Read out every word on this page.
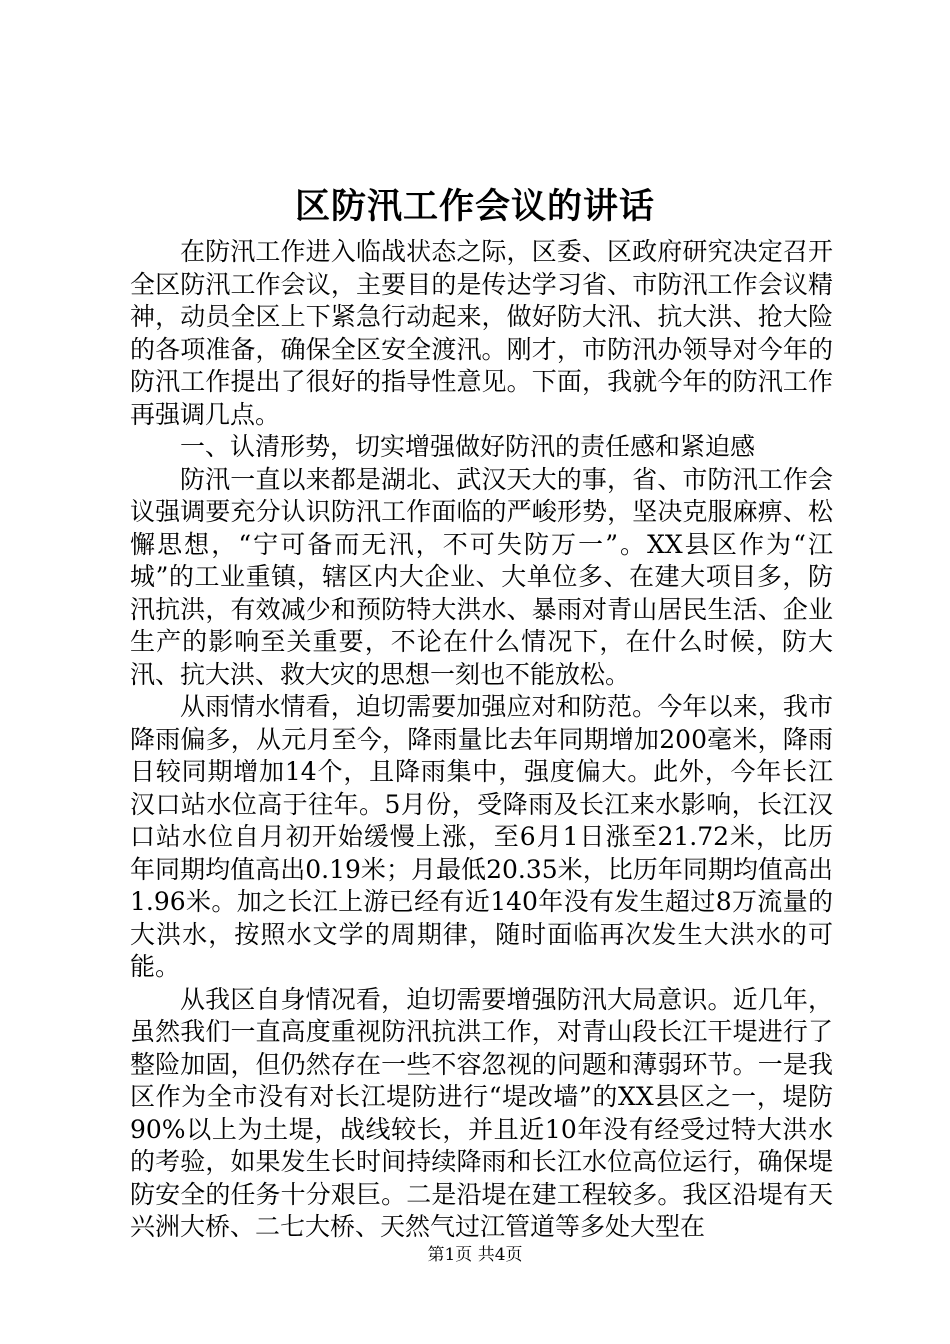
区防汛工作会议的讲话

在防汛工作进入临战状态之际，区委、区政府研究决定召开全区防汛工作会议，主要目的是传达学习省、市防汛工作会议精神，动员全区上下紧急行动起来，做好防大汛、抗大洪、抢大险的各项准备，确保全区安全渡汛。刚才，市防汛办领导对今年的防汛工作提出了很好的指导性意见。下面，我就今年的防汛工作再强调几点。

一、认清形势，切实增强做好防汛的责任感和紧迫感

防汛一直以来都是湖北、武汉天大的事，省、市防汛工作会议强调要充分认识防汛工作面临的严峻形势，坚决克服麻痹、松懈思想，“宁可备而无汛，不可失防万一”。XX县区作为“江城”的工业重镇，辖区内大企业、大单位多、在建大项目多，防汛抗洪，有效减少和预防特大洪水、暴雨对青山居民生活、企业生产的影响至关重要，不论在什么情况下，在什么时候，防大汛、抗大洪、救大灾的思想一刻也不能放松。

从雨情水情看，迫切需要加强应对和防范。今年以来，我市降雨偏多，从元月至今，降雨量比去年同期增加200毫米，降雨日较同期增加14个，且降雨集中，强度偏大。此外，今年长江汉口站水位高于往年。5月份，受降雨及长江来水影响，长江汉口站水位自月初开始缓慢上涨，至6月1日涨至21.72米，比历年同期均值高出0.19米；月最低20.35米，比历年同期均值高出1.96米。加之长江上游已经有近140年没有发生超过8万流量的大洪水，按照水文学的周期律，随时面临再次发生大洪水的可能。

从我区自身情况看，迫切需要增强防汛大局意识。近几年，虽然我们一直高度重视防汛抗洪工作，对青山段长江干堤进行了整险加固，但仍然存在一些不容忽视的问题和薄弱环节。一是我区作为全市没有对长江堤防进行“堤改墙”的XX县区之一，堤防90%以上为土堤，战线较长，并且近10年没有经受过特大洪水的考验，如果发生长时间持续降雨和长江水位高位运行，确保堤防安全的任务十分艰巨。二是沿堤在建工程较多。我区沿堤有天兴洲大桥、二七大桥、天然气过江管道等多处大型在

第1页 共4页
